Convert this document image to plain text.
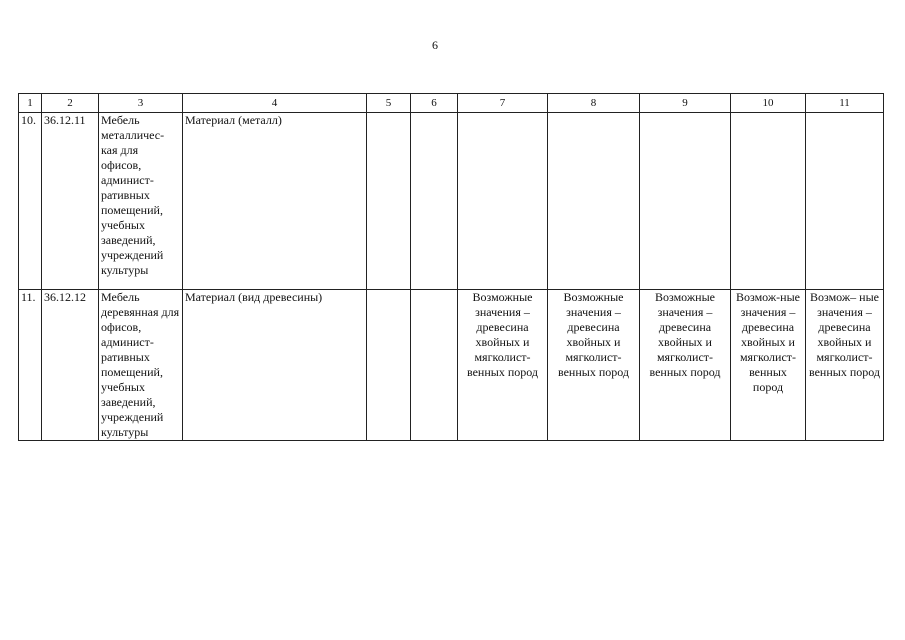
6
1	2	3	4	5	6	7	8	9	10	11
10.	36.12.11	Мебель металличес-кая для офисов, админист-ративных помещений, учебных заведений, учреждений культуры	Материал (металл)							
11.	36.12.12	Мебель деревянная для офисов, админист-ративных помещений, учебных заведений, учреждений культуры	Материал (вид древесины)			Возможные значения – древесина хвойных и мягколист-венных пород	Возможные значения – древесина хвойных и мягколист-венных пород	Возможные значения – древесина хвойных и мягколист-венных пород	Возмож-ные значения – древесина хвойных и мягколист-венных пород	Возмож– ные значения – древесина хвойных и мягколист-венных пород
